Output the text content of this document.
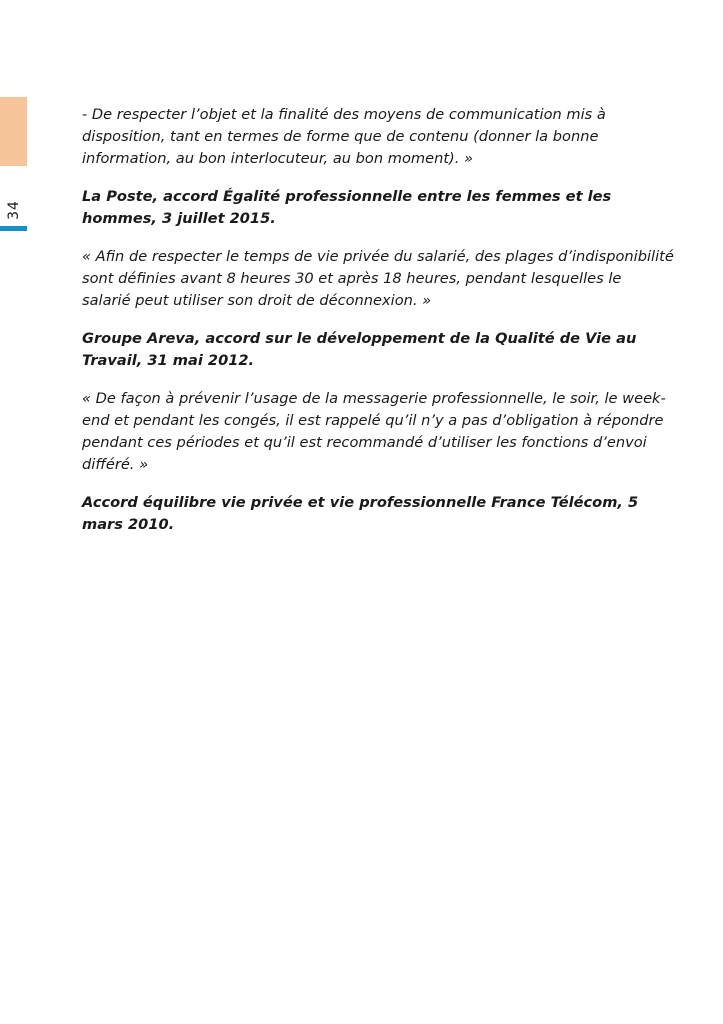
34

- De respecter l’objet et la finalité des moyens de communication mis à disposition, tant en termes de forme que de contenu (donner la bonne information, au bon interlocuteur, au bon moment). »

La Poste, accord Égalité professionnelle entre les femmes et les hommes, 3 juillet 2015.

« Afin de respecter le temps de vie privée du salarié, des plages d’indisponibilité sont définies avant 8 heures 30 et après 18 heures, pendant lesquelles le salarié peut utiliser son droit de déconnexion. »

Groupe Areva, accord sur le développement de la Qualité de Vie au Travail, 31 mai 2012.

« De façon à prévenir l’usage de la messagerie professionnelle, le soir, le week-end et pendant les congés, il est rappelé qu’il n’y a pas d’obligation à répondre pendant ces périodes et qu’il est recommandé d’utiliser les fonctions d’envoi différé. »

Accord équilibre vie privée et vie professionnelle France Télécom, 5 mars 2010.
